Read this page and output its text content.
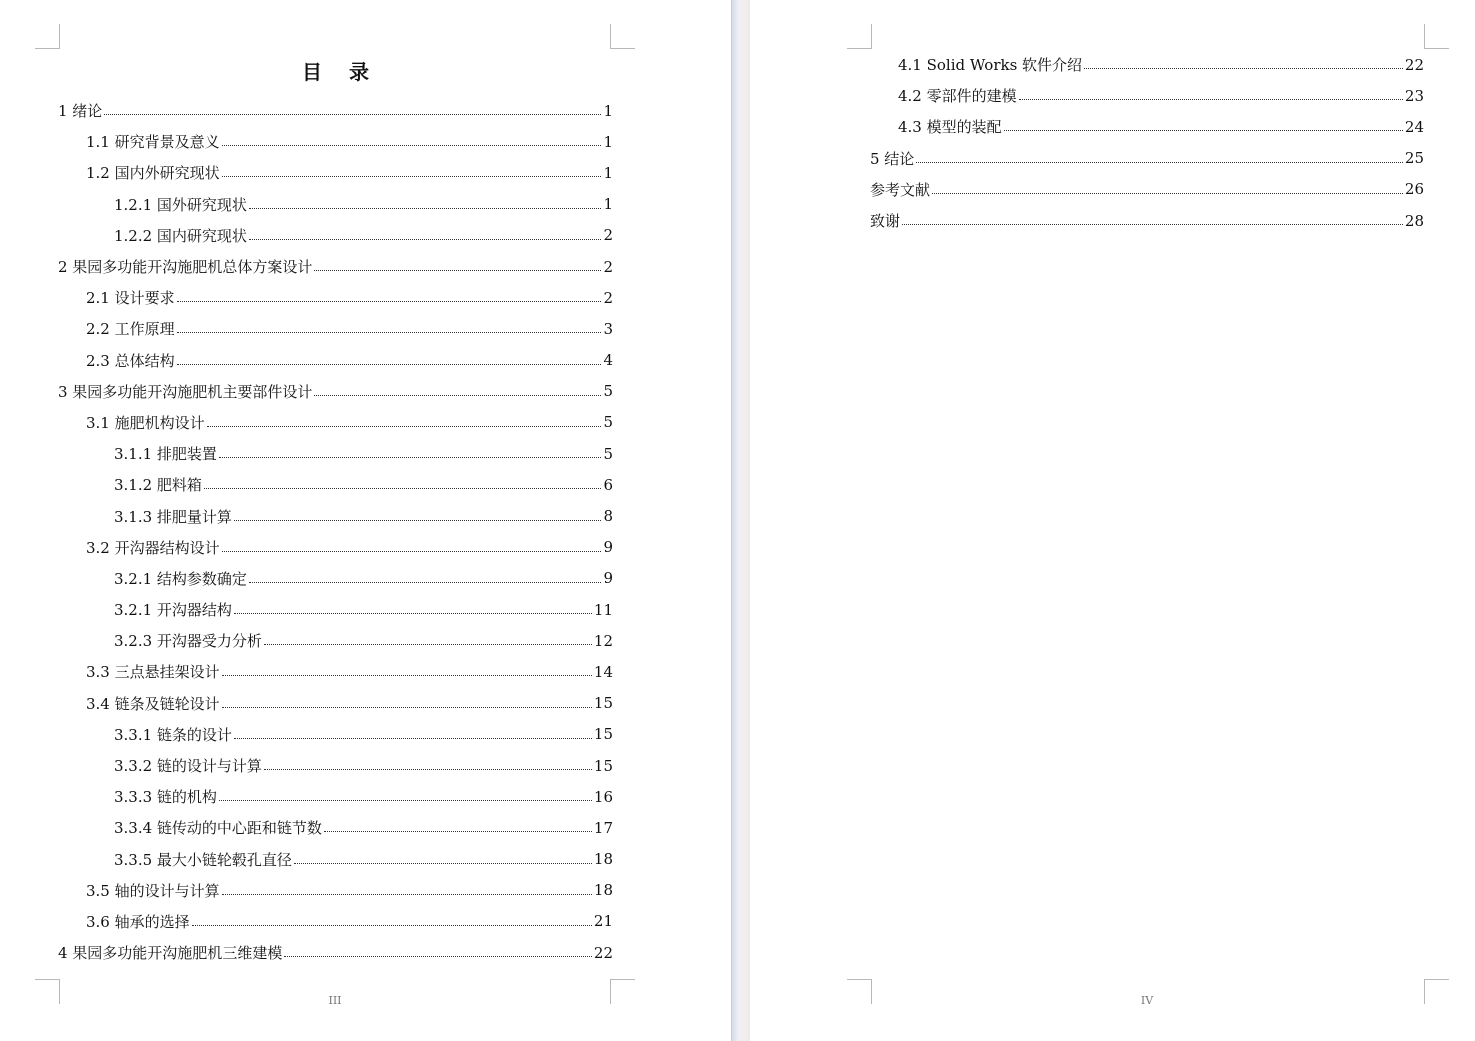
目 录
1 绪论	1
1.1 研究背景及意义	1
1.2 国内外研究现状	1
1.2.1 国外研究现状	1
1.2.2 国内研究现状	2
2 果园多功能开沟施肥机总体方案设计	2
2.1 设计要求	2
2.2 工作原理	3
2.3 总体结构	4
3 果园多功能开沟施肥机主要部件设计	5
3.1 施肥机构设计	5
3.1.1 排肥装置	5
3.1.2 肥料箱	6
3.1.3 排肥量计算	8
3.2 开沟器结构设计	9
3.2.1 结构参数确定	9
3.2.1 开沟器结构	11
3.2.3 开沟器受力分析	12
3.3 三点悬挂架设计	14
3.4 链条及链轮设计	15
3.3.1 链条的设计	15
3.3.2 链的设计与计算	15
3.3.3 链的机构	16
3.3.4 链传动的中心距和链节数	17
3.3.5 最大小链轮毂孔直径	18
3.5 轴的设计与计算	18
3.6 轴承的选择	21
4 果园多功能开沟施肥机三维建模	22
III
4.1 Solid Works 软件介绍	22
4.2 零部件的建模	23
4.3 模型的装配	24
5 结论	25
参考文献	26
致谢	28
IV
